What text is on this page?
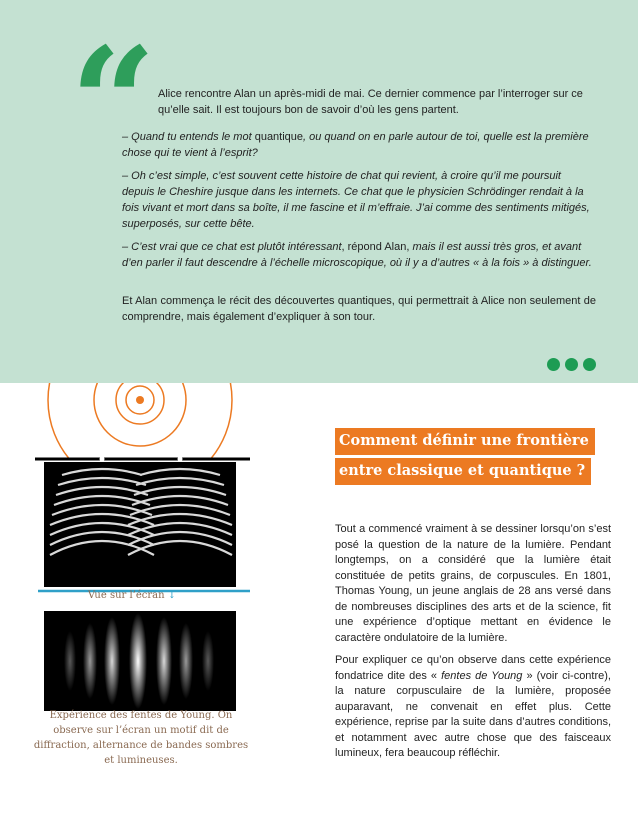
“ Alice rencontre Alan un après-midi de mai. Ce dernier commence par l’interroger sur ce qu’elle sait. Il est toujours bon de savoir d’où les gens partent.
– Quand tu entends le mot quantique, ou quand on en parle autour de toi, quelle est la première chose qui te vient à l’esprit?
– Oh c’est simple, c’est souvent cette histoire de chat qui revient, à croire qu’il me poursuit depuis le Cheshire jusque dans les internets. Ce chat que le physicien Schrödinger rendait à la fois vivant et mort dans sa boîte, il me fascine et il m’effraie. J’ai comme des sentiments mitigés, superposés, sur cette bête.
– C’est vrai que ce chat est plutôt intéressant, répond Alan, mais il est aussi très gros, et avant d’en parler il faut descendre à l’échelle microscopique, où il y a d’autres « à la fois » à distinguer.
Et Alan commença le récit des découvertes quantiques, qui permettrait à Alice non seulement de comprendre, mais également d’expliquer à son tour.
Vue sur l’écran ↓
Expérience des fentes de Young. On observe sur l’écran un motif dit de diffraction, alternance de bandes sombres et lumineuses.
Comment définir une frontière
entre classique et quantique ?
Tout a commencé vraiment à se dessiner lorsqu’on s’est posé la question de la nature de la lumière. Pendant longtemps, on a considéré que la lumière était constituée de petits grains, de corpuscules. En 1801, Thomas Young, un jeune anglais de 28 ans versé dans de nombreuses disciplines des arts et de la science, fit une expérience d’optique mettant en évidence le caractère ondulatoire de la lumière.
Pour expliquer ce qu’on observe dans cette expérience fondatrice dite des « fentes de Young » (voir ci-contre), la nature corpusculaire de la lumière, proposée auparavant, ne convenait en effet plus. Cette expérience, reprise par la suite dans d’autres conditions, et notamment avec autre chose que des faisceaux lumineux, fera beaucoup réfléchir.
